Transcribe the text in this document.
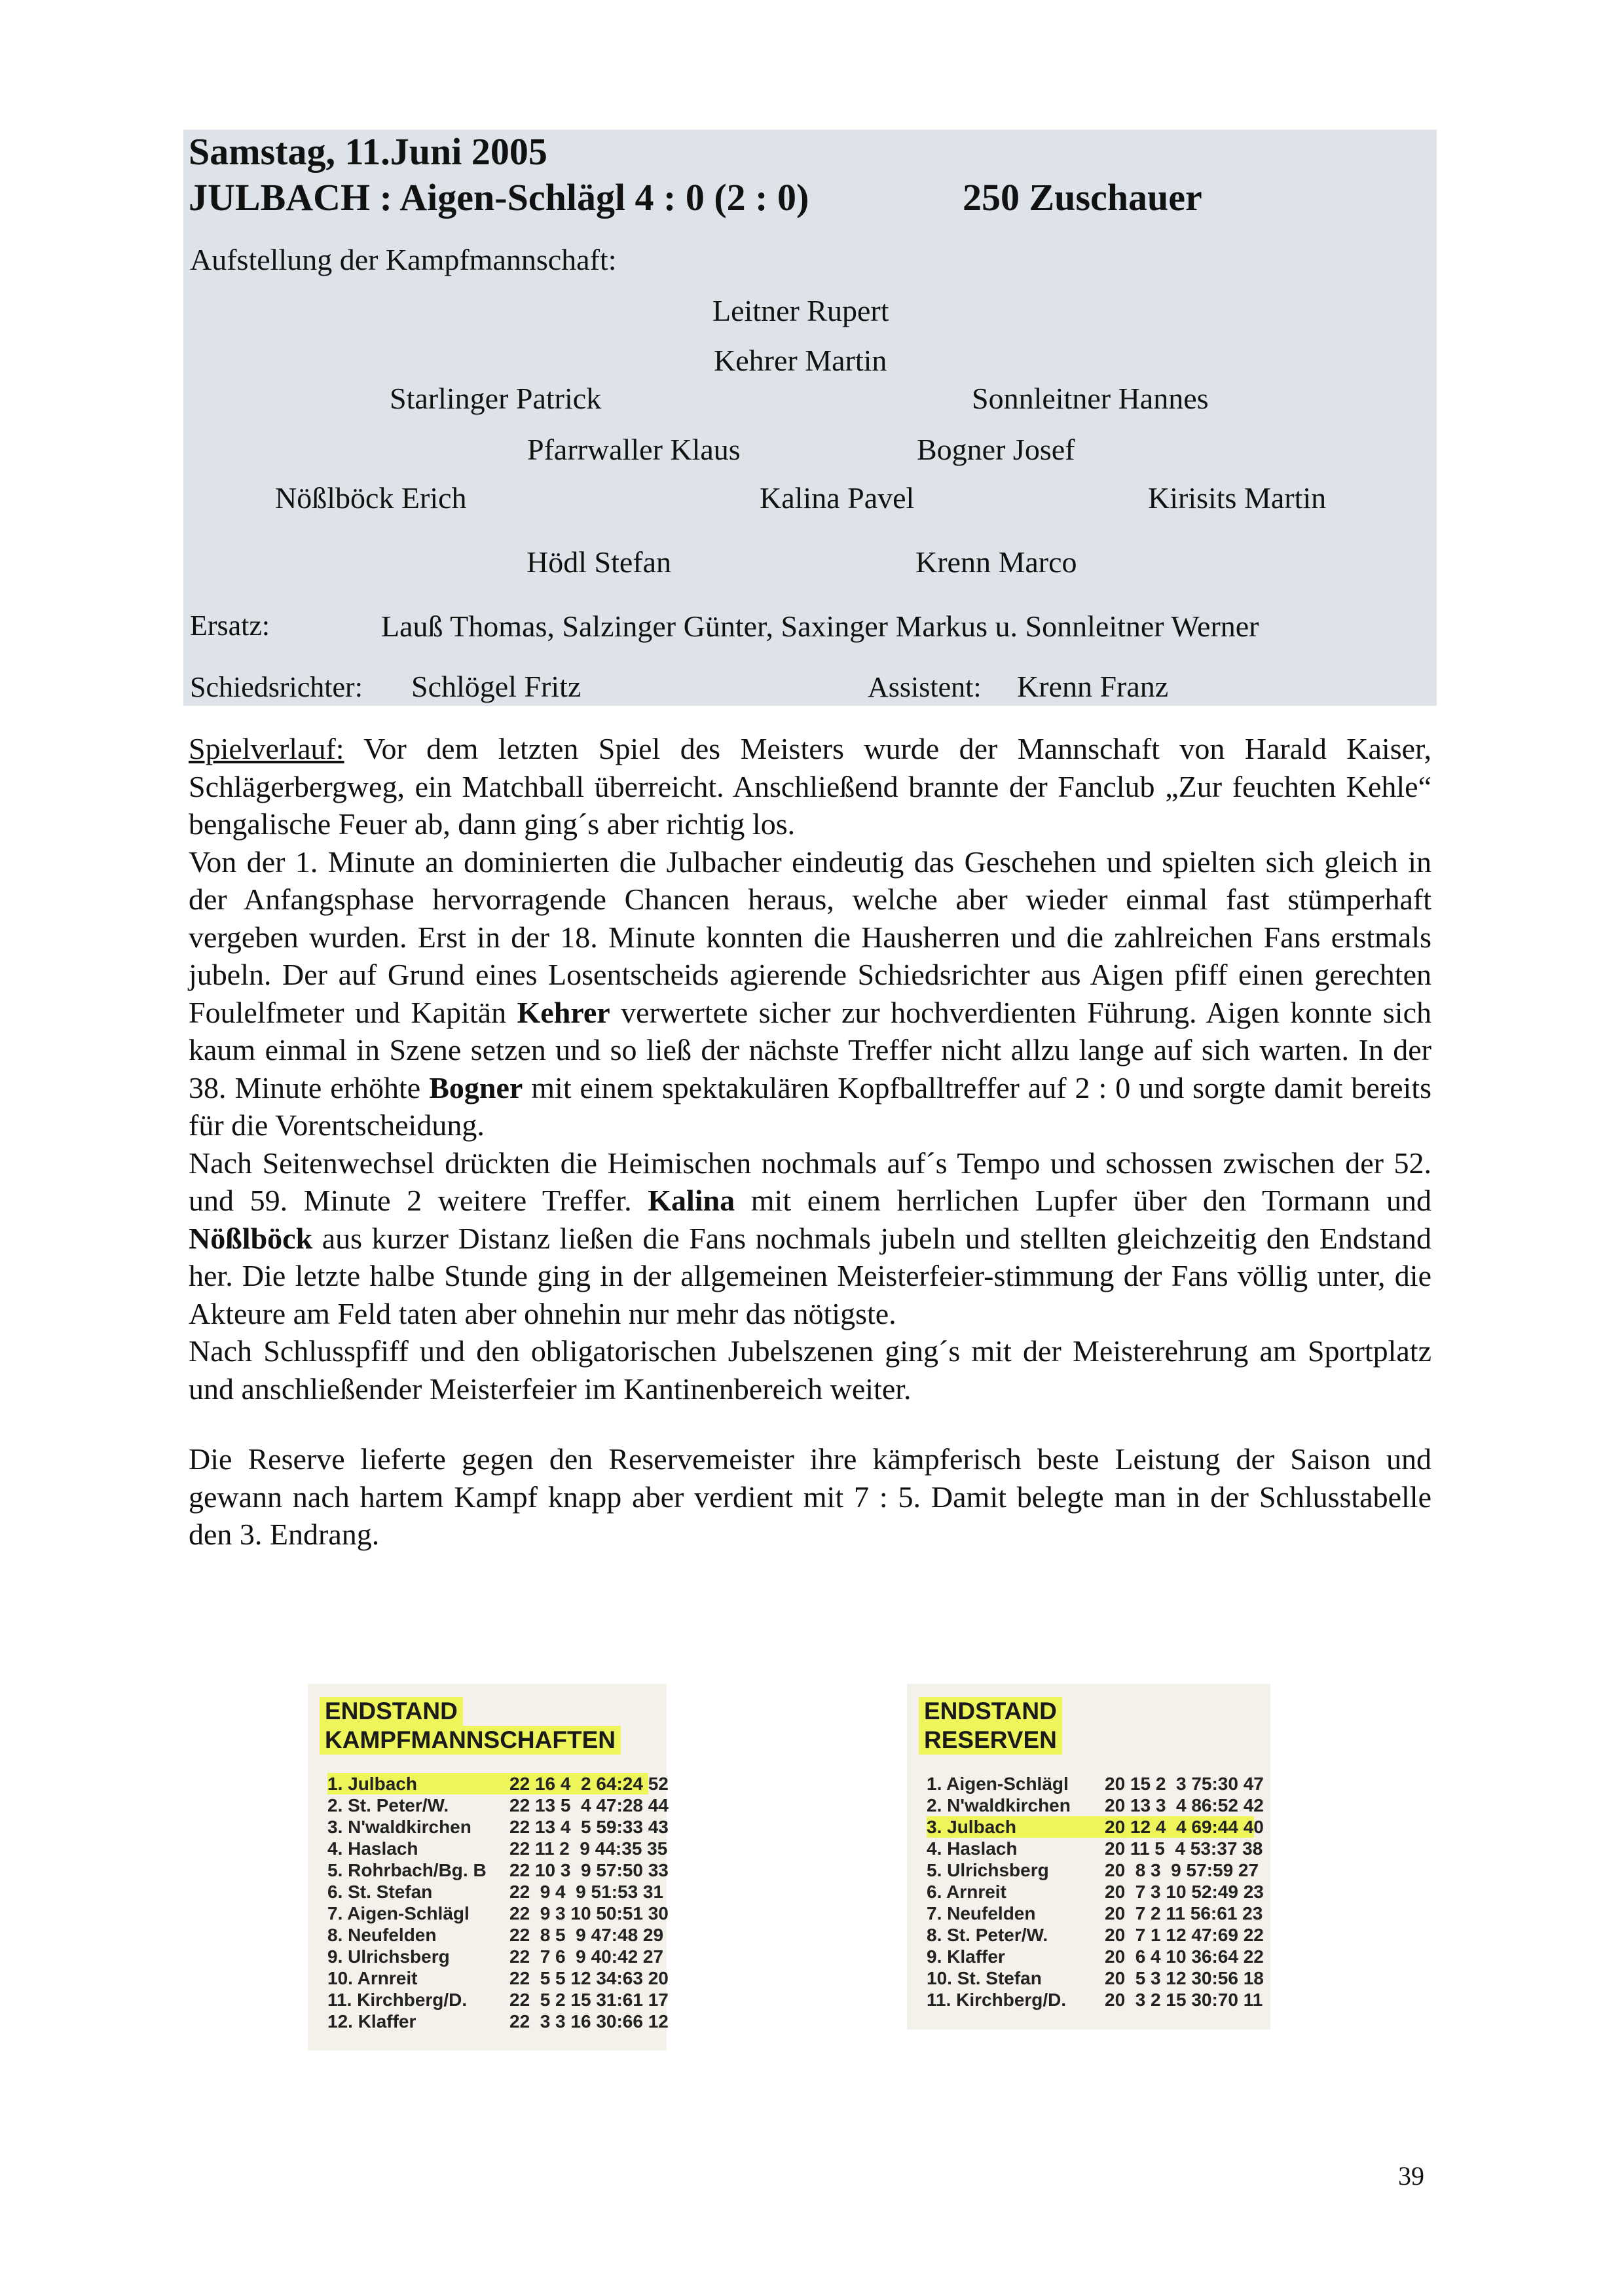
Samstag, 11.Juni 2005
JULBACH : Aigen-Schlägl 4 : 0 (2 : 0)	250 Zuschauer
Aufstellung der Kampfmannschaft:
Leitner Rupert
Kehrer Martin
Starlinger Patrick	Sonnleitner Hannes
Pfarrwaller Klaus	Bogner Josef
Nößlböck Erich	Kalina Pavel	Kirisits Martin
Hödl Stefan	Krenn Marco
Ersatz:	Lauß Thomas, Salzinger Günter, Saxinger Markus u. Sonnleitner Werner
Schiedsrichter: Schlögel Fritz	Assistent: Krenn Franz

Spielverlauf: Vor dem letzten Spiel des Meisters wurde der Mannschaft von Harald Kaiser, Schlägerbergweg, ein Matchball überreicht. Anschließend brannte der Fanclub „Zur feuchten Kehle“ bengalische Feuer ab, dann ging´s aber richtig los.

Von der 1. Minute an dominierten die Julbacher eindeutig das Geschehen und spielten sich gleich in der Anfangsphase hervorragende Chancen heraus, welche aber wieder einmal fast stümperhaft vergeben wurden. Erst in der 18. Minute konnten die Hausherren und die zahlreichen Fans erstmals jubeln. Der auf Grund eines Losentscheids agierende Schiedsrichter aus Aigen pfiff einen gerechten Foulelfmeter und Kapitän Kehrer verwertete sicher zur hochverdienten Führung. Aigen konnte sich kaum einmal in Szene setzen und so ließ der nächste Treffer nicht allzu lange auf sich warten. In der 38. Minute erhöhte Bogner mit einem spektakulären Kopfballtreffer auf 2 : 0 und sorgte damit bereits für die Vorentscheidung.

Nach Seitenwechsel drückten die Heimischen nochmals auf´s Tempo und schossen zwischen der 52. und 59. Minute 2 weitere Treffer. Kalina mit einem herrlichen Lupfer über den Tormann und Nößlböck aus kurzer Distanz ließen die Fans nochmals jubeln und stellten gleichzeitig den Endstand her. Die letzte halbe Stunde ging in der allgemeinen Meisterfeier-stimmung der Fans völlig unter, die Akteure am Feld taten aber ohnehin nur mehr das nötigste.

Nach Schlusspfiff und den obligatorischen Jubelszenen ging´s mit der Meisterehrung am Sportplatz und anschließender Meisterfeier im Kantinenbereich weiter.

Die Reserve lieferte gegen den Reservemeister ihre kämpferisch beste Leistung der Saison und gewann nach hartem Kampf knapp aber verdient mit 7 : 5. Damit belegte man in der Schlusstabelle den 3. Endrang.

ENDSTAND
KAMPFMANNSCHAFTEN
1. Julbach	22 16 4  2 64:24 52
2. St. Peter/W.	22 13 5  4 47:28 44
3. N'waldkirchen 22 13 4  5 59:33 43
4. Haslach	22 11 2  9 44:35 35
5. Rohrbach/Bg. B 22 10 3  9 57:50 33
6. St. Stefan	22  9 4  9 51:53 31
7. Aigen-Schlägl 22  9 3 10 50:51 30
8. Neufelden	22  8 5  9 47:48 29
9. Ulrichsberg	22  7 6  9 40:42 27
10. Arnreit	22  5 5 12 34:63 20
11. Kirchberg/D. 22  5 2 15 31:61 17
12. Klaffer	22  3 3 16 30:66 12
ENDSTAND
RESERVEN
1. Aigen-Schlägl 20 15 2  3 75:30 47
2. N'waldkirchen 20 13 3  4 86:52 42
3. Julbach	20 12 4  4 69:44 40
4. Haslach	20 11 5  4 53:37 38
5. Ulrichsberg	20  8 3  9 57:59 27
6. Arnreit	20  7 3 10 52:49 23
7. Neufelden	20  7 2 11 56:61 23
8. St. Peter/W.	20  7 1 12 47:69 22
9. Klaffer	20  6 4 10 36:64 22
10. St. Stefan	20  5 3 12 30:56 18
11. Kirchberg/D. 20  3 2 15 30:70 11
39
